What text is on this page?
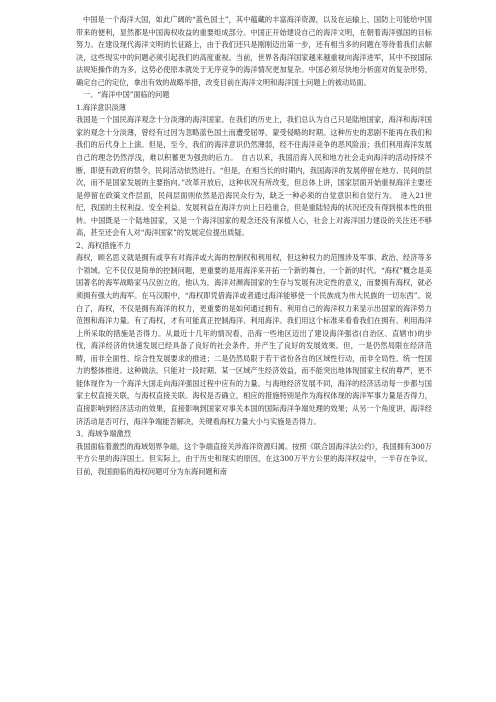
中国是一个海洋大国，如此广阔的“蓝色国土”，其中蕴藏的丰富海洋资源，以及在运输上、国防上可能给中国带来的便利，显然都是中国海权收益的重要组成部分。中国正开始建设自己的海洋文明，在朝着海洋强国的目标努力。在建设现代海洋文明的长征路上，由于我们还只是刚刚迈出第一步，还有相当多的问题在等待着我们去解决，这些现实中的问题必须引起我们的高度重视。当前，世界各海洋国家越来越重视向海洋进军，其中不按国际法规矩操作的为多，这势必使原本就处于无序竞争的海洋情况更加复杂。中国必须尽快地分析面对的复杂形势，确定自己的定位，拿出有效的战略举措，改变目前在海洋文明和海洋国土问题上的被动局面。

一、“海洋中国”面临的问题

1.海洋意识淡薄

我国是一个国民海洋观念十分淡薄的海洋国家。在我们的历史上，我们总认为自己只是陆地国家，海洋和海洋国家的观念十分淡薄，曾经有过因为忽略蓝色国土而遭受屈辱、蒙受侵略的时期。这种历史的悲剧不能再在我们和我们的后代身上上演。但是，至今，我们的海洋意识仍然薄弱，经不住海洋竞争的恶风险浪；我们利用海洋发展自己的理念仍然浮浅，难以积蓄更为强劲的后力。　自古以来，我国沿海人民和地方社会走向海洋的活动持续不断，即使有政府的禁令，民间活动依然进行。“但是，在相当长的时期内，我国海洋的发展停留在地方、民间的层次，而不是国家发展的主要指向。”改革开放后，这种状况有所改变，但总体上讲，国家层面开始重视海洋主要还是停留在政策文件层面，民间层面则依然是沿海民众行为，缺乏一种必须的自觉意识和自觉行为。　进入21世纪，我国的主权利益、安全利益、发展利益在海洋方向上日趋重合，但是重陆轻海的状况还没有得到根本性的扭转。中国既是一个陆地国家，又是一个海洋国家的观念还没有深植人心，社会上对海洋国力建设的关注还不够高，甚至还会有人对“海洋国家”的发展定位提出质疑。

2、海权措施不力

海权，顾名思义就是拥有或享有对海洋或大海的控制权和利用权，但这种权力的范围涉及军事、政治、经济等多个领域。它不仅仅是简单的控制问题，更重要的是用海洋来开拓一个新的舞台，一个新的时代。“海权”概念是美国著名的海军战略家马汉创立的，他认为，海洋对濒海国家的生存与发展有决定性的意义，而要拥有海权，就必须拥有强大的海军。在马汉眼中，“海权即凭借海洋或者通过海洋能够使一个民族成为伟大民族的一切东西”。说白了，海权，不仅是拥有海洋的权力，更重要的是如何通过拥有、利用自己的海洋权力来显示出国家的海洋势力范围和海洋力量。有了海权，才有可能真正控制海洋、利用海洋。我们用这个标准来看看我们在拥有、利用海洋上所采取的措施是否得力。从最近十几年的情况看，沿海一些地区迈出了建设海洋强省(自治区、直辖市)的步伐，海洋经济的快速发展已经具备了良好的社会条件，并产生了良好的发展效果。但，一是仍然局限在经济范畴，而非全面性、综合性发展要求的推进；二是仍然局限于若干省份各自的区域性行动，而非全局性、统一性国力的整体推进。这种做法，只能对一段时期、某一区域产生经济效益，而不能突出地体现国家主权的尊严，更不能体现作为一个海洋大国走向海洋强国过程中应有的力量。与海地经济发展不同，海洋的经济活动每一步都与国家主权直接关联，与海权直接关联。海权是否确立，相应的措施特别是作为海权体现的海洋军事力量是否得力，直接影响到经济活动的效果，直接影响到国家对事关本国的国际海洋争端处理的效果；从另一个角度讲，海洋经济活动是否可行，海洋争端能否解决，关键看海权力量大小与实施是否得力。

3、海域争端激烈

我国面临着激烈的海域划界争端，这个争端直接关涉海洋资源归属。按照《联合国海洋法公约》，我国拥有300万平方公里的海洋国土。但实际上，由于历史和现实的原因，在这300万平方公里的海洋权益中，一半存在争议。目前，我国面临的海权问题可分为东海问题和南
